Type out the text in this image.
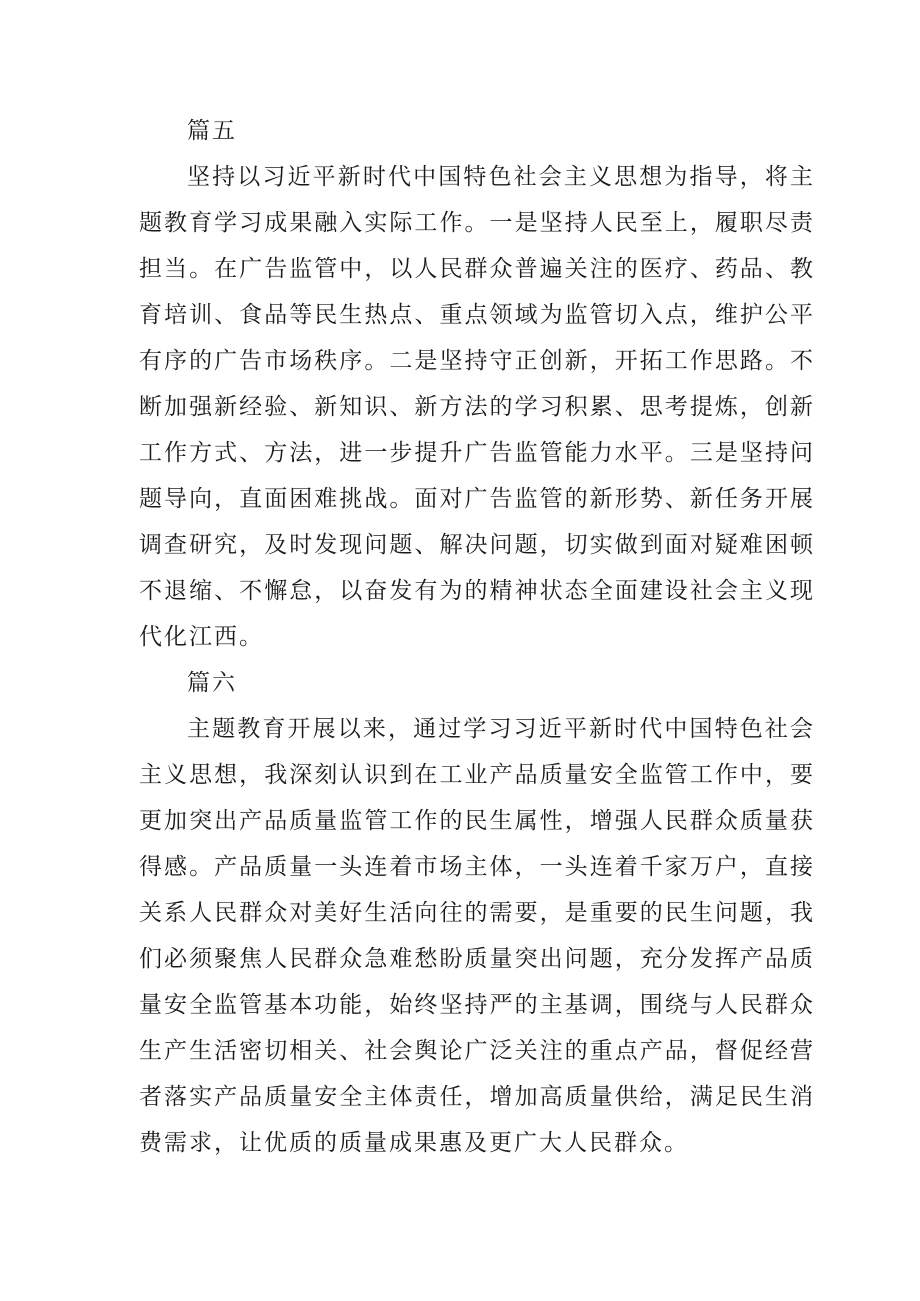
篇五

坚持以习近平新时代中国特色社会主义思想为指导，将主题教育学习成果融入实际工作。一是坚持人民至上，履职尽责担当。在广告监管中，以人民群众普遍关注的医疗、药品、教育培训、食品等民生热点、重点领域为监管切入点，维护公平有序的广告市场秩序。二是坚持守正创新，开拓工作思路。不断加强新经验、新知识、新方法的学习积累、思考提炼，创新工作方式、方法，进一步提升广告监管能力水平。三是坚持问题导向，直面困难挑战。面对广告监管的新形势、新任务开展调查研究，及时发现问题、解决问题，切实做到面对疑难困顿不退缩、不懈怠，以奋发有为的精神状态全面建设社会主义现代化江西。

篇六

主题教育开展以来，通过学习习近平新时代中国特色社会主义思想，我深刻认识到在工业产品质量安全监管工作中，要更加突出产品质量监管工作的民生属性，增强人民群众质量获得感。产品质量一头连着市场主体，一头连着千家万户，直接关系人民群众对美好生活向往的需要，是重要的民生问题，我们必须聚焦人民群众急难愁盼质量突出问题，充分发挥产品质量安全监管基本功能，始终坚持严的主基调，围绕与人民群众生产生活密切相关、社会舆论广泛关注的重点产品，督促经营者落实产品质量安全主体责任，增加高质量供给，满足民生消费需求，让优质的质量成果惠及更广大人民群众。
